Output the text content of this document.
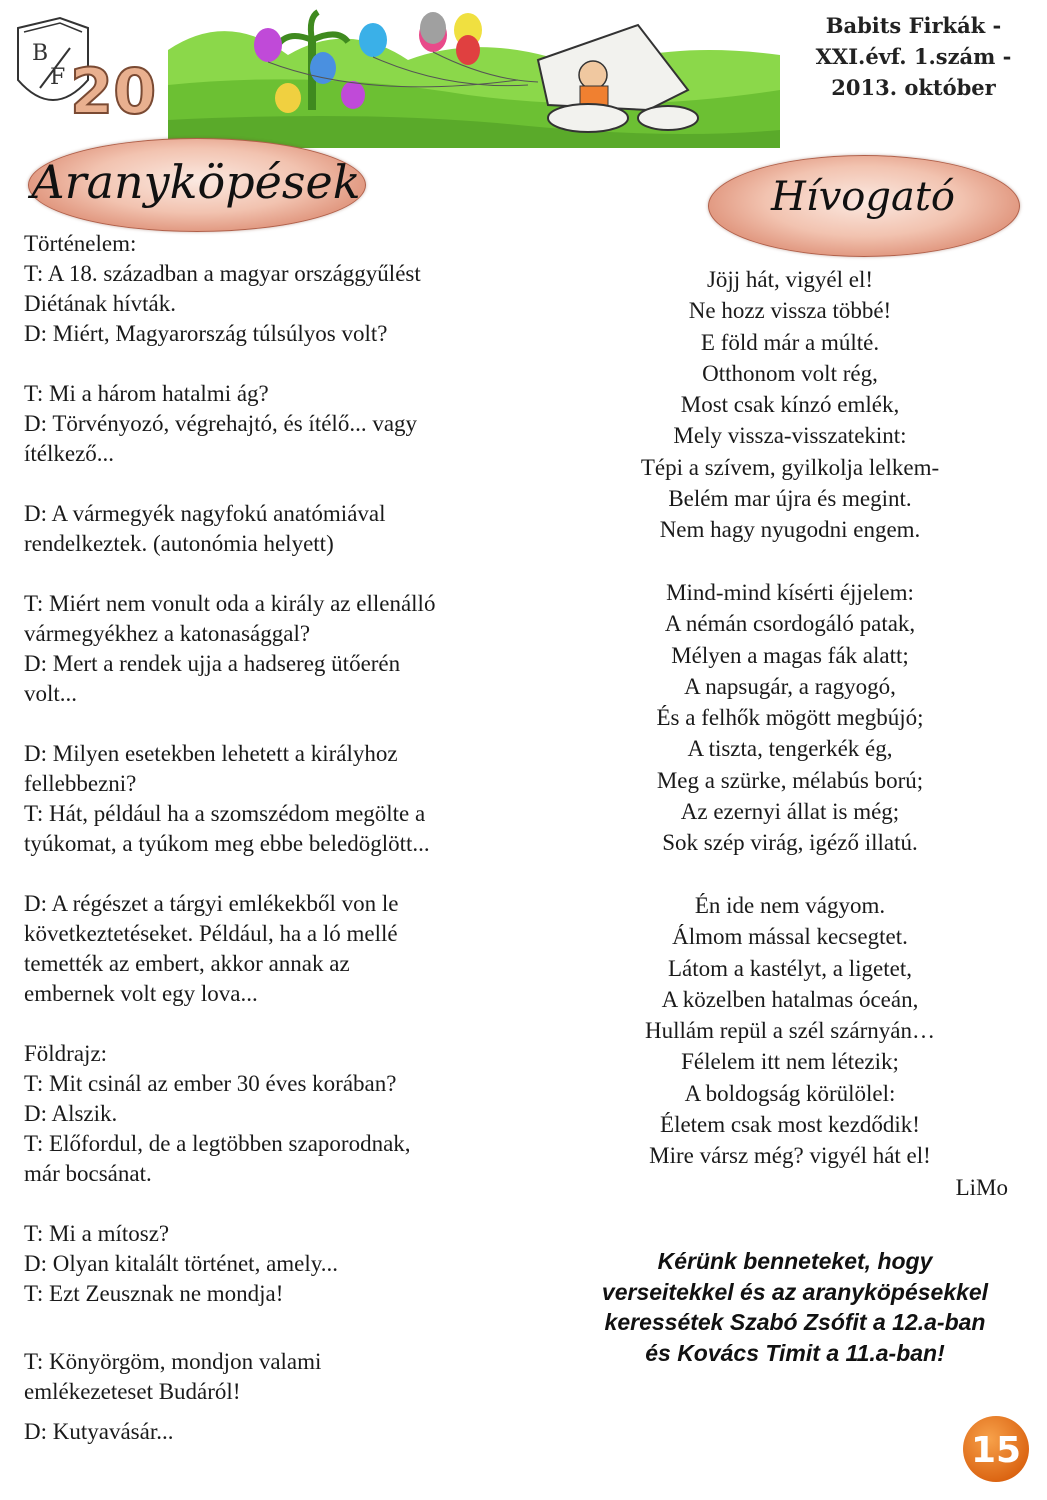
B
F 20
Babits Firkák -
XXI.évf. 1.szám -
2013. október
Aranyköpések	Hívogató
Történelem:
T: A 18. században a magyar országgyűlést
Diétának hívták.
D: Miért, Magyarország túlsúlyos volt?
T: Mi a három hatalmi ág?
D: Törvényozó, végrehajtó, és ítélő... vagy
ítélkező...
D: A vármegyék nagyfokú anatómiával
rendelkeztek. (autonómia helyett)
T: Miért nem vonult oda a király az ellenálló
vármegyékhez a katonasággal?
D: Mert a rendek ujja a hadsereg ütőerén
volt...
D: Milyen esetekben lehetett a királyhoz
fellebbezni?
T: Hát, például ha a szomszédom megölte a
tyúkomat, a tyúkom meg ebbe beledöglött...
D: A régészet a tárgyi emlékekből von le
következtetéseket. Például, ha a ló mellé
temették az embert, akkor annak az
embernek volt egy lova...
Földrajz:
T: Mit csinál az ember 30 éves korában?
D: Alszik.
T: Előfordul, de a legtöbben szaporodnak,
már bocsánat.
T: Mi a mítosz?
D: Olyan kitalált történet, amely...
T: Ezt Zeusznak ne mondja!
T: Könyörgöm, mondjon valami
emlékezeteset Budáról!
D: Kutyavásár...
Jöjj hát, vigyél el!
Ne hozz vissza többé!
E föld már a múlté.
Otthonom volt rég,
Most csak kínzó emlék,
Mely vissza-visszatekint:
Tépi a szívem, gyilkolja lelkem-
Belém mar újra és megint.
Nem hagy nyugodni engem.
Mind-mind kísérti éjjelem:
A némán csordogáló patak,
Mélyen a magas fák alatt;
A napsugár, a ragyogó,
És a felhők mögött megbújó;
A tiszta, tengerkék ég,
Meg a szürke, mélabús ború;
Az ezernyi állat is még;
Sok szép virág, igéző illatú.
Én ide nem vágyom.
Álmom mással kecsegtet.
Látom a kastélyt, a ligetet,
A közelben hatalmas óceán,
Hullám repül a szél szárnyán…
Félelem itt nem létezik;
A boldogság körülölel:
Életem csak most kezdődik!
Mire vársz még? vigyél hát el!
LiMo
Kérünk benneteket, hogy
verseitekkel és az aranyköpésekkel
keressétek Szabó Zsófit a 12.a-ban
és Kovács Timit a 11.a-ban!
15
